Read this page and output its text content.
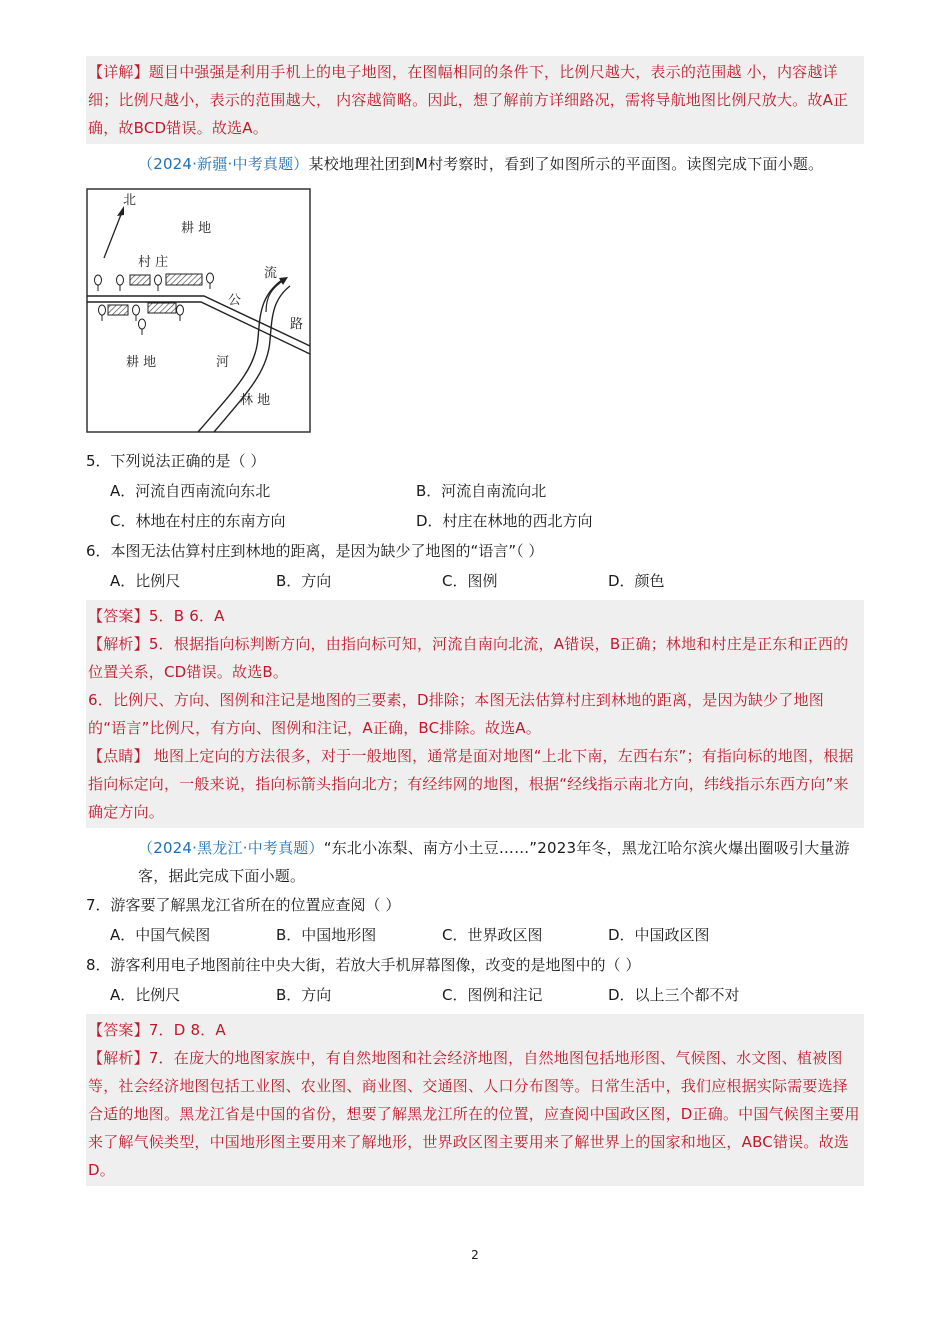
【详解】题目中强强是利用手机上的电子地图，在图幅相同的条件下，比例尺越大，表示的范围越 小，内容越详细；比例尺越小，表示的范围越大， 内容越简略。因此，想了解前方详细路况，需将导航地图比例尺放大。故A正确，故BCD错误。故选A。
（2024·新疆·中考真题）某校地理社团到M村考察时，看到了如图所示的平面图。读图完成下面小题。
北
耕 地
村 庄
公
路
流
河
耕 地
林 地
5．下列说法正确的是（ ）
A．河流自西南流向东北	B．河流自南流向北
C．林地在村庄的东南方向	D．村庄在林地的西北方向
6．本图无法估算村庄到林地的距离，是因为缺少了地图的“语言”（ ）
A．比例尺	B．方向	C．图例	D．颜色
【答案】5．B 6．A
【解析】5．根据指向标判断方向，由指向标可知，河流自南向北流，A错误，B正确；林地和村庄是正东和正西的位置关系，CD错误。故选B。
6．比例尺、方向、图例和注记是地图的三要素，D排除；本图无法估算村庄到林地的距离，是因为缺少了地图的“语言”比例尺，有方向、图例和注记，A正确，BC排除。故选A。
【点睛】 地图上定向的方法很多，对于一般地图，通常是面对地图“上北下南，左西右东”；有指向标的地图，根据指向标定向，一般来说，指向标箭头指向北方；有经纬网的地图，根据“经线指示南北方向，纬线指示东西方向”来确定方向。
（2024·黑龙江·中考真题）“东北小冻梨、南方小土豆……”2023年冬，黑龙江哈尔滨火爆出圈吸引大量游客，据此完成下面小题。
7．游客要了解黑龙江省所在的位置应查阅（ ）
A．中国气候图	B．中国地形图	C．世界政区图	D．中国政区图
8．游客利用电子地图前往中央大街，若放大手机屏幕图像，改变的是地图中的（ ）
A．比例尺	B．方向	C．图例和注记	D．以上三个都不对
【答案】7．D 8．A
【解析】7．在庞大的地图家族中，有自然地图和社会经济地图，自然地图包括地形图、气候图、水文图、植被图等，社会经济地图包括工业图、农业图、商业图、交通图、人口分布图等。日常生活中，我们应根据实际需要选择合适的地图。黑龙江省是中国的省份，想要了解黑龙江所在的位置，应查阅中国政区图，D正确。中国气候图主要用来了解气候类型，中国地形图主要用来了解地形，世界政区图主要用来了解世界上的国家和地区，ABC错误。故选D。
2
